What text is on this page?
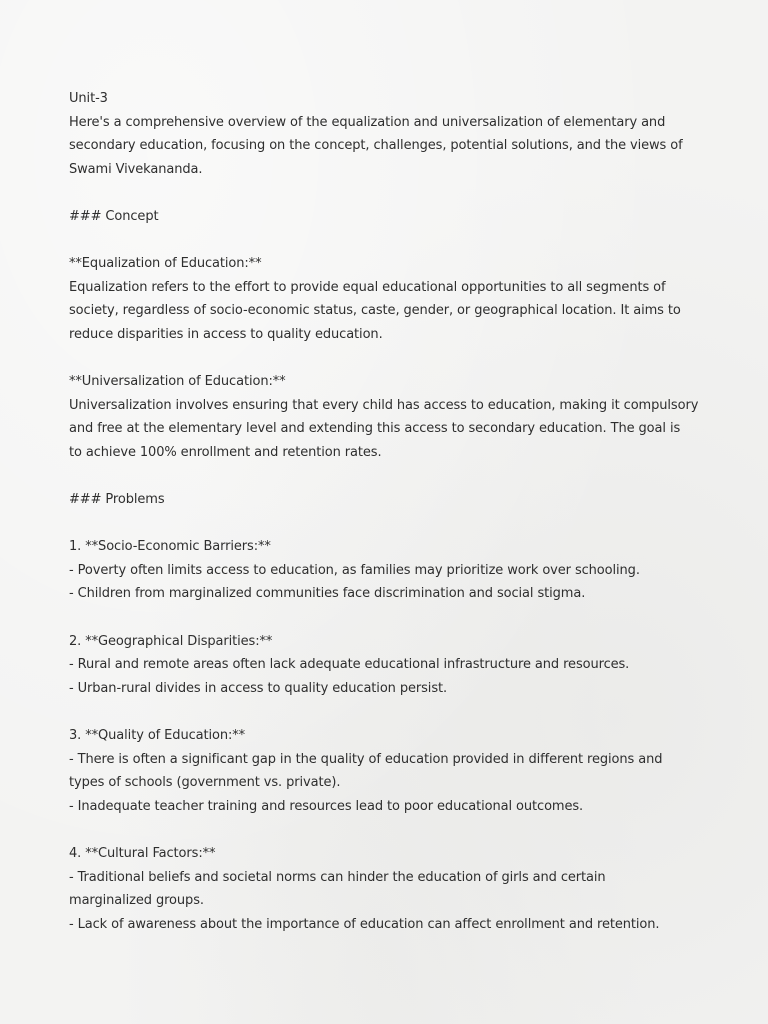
Unit-3
Here's a comprehensive overview of the equalization and universalization of elementary and
secondary education, focusing on the concept, challenges, potential solutions, and the views of
Swami Vivekananda.
### Concept
**Equalization of Education:**
Equalization refers to the effort to provide equal educational opportunities to all segments of
society, regardless of socio-economic status, caste, gender, or geographical location. It aims to
reduce disparities in access to quality education.
**Universalization of Education:**
Universalization involves ensuring that every child has access to education, making it compulsory
and free at the elementary level and extending this access to secondary education. The goal is
to achieve 100% enrollment and retention rates.
### Problems
1. **Socio-Economic Barriers:**
- Poverty often limits access to education, as families may prioritize work over schooling.
- Children from marginalized communities face discrimination and social stigma.
2. **Geographical Disparities:**
- Rural and remote areas often lack adequate educational infrastructure and resources.
- Urban-rural divides in access to quality education persist.
3. **Quality of Education:**
- There is often a significant gap in the quality of education provided in different regions and
types of schools (government vs. private).
- Inadequate teacher training and resources lead to poor educational outcomes.
4. **Cultural Factors:**
- Traditional beliefs and societal norms can hinder the education of girls and certain
marginalized groups.
- Lack of awareness about the importance of education can affect enrollment and retention.
